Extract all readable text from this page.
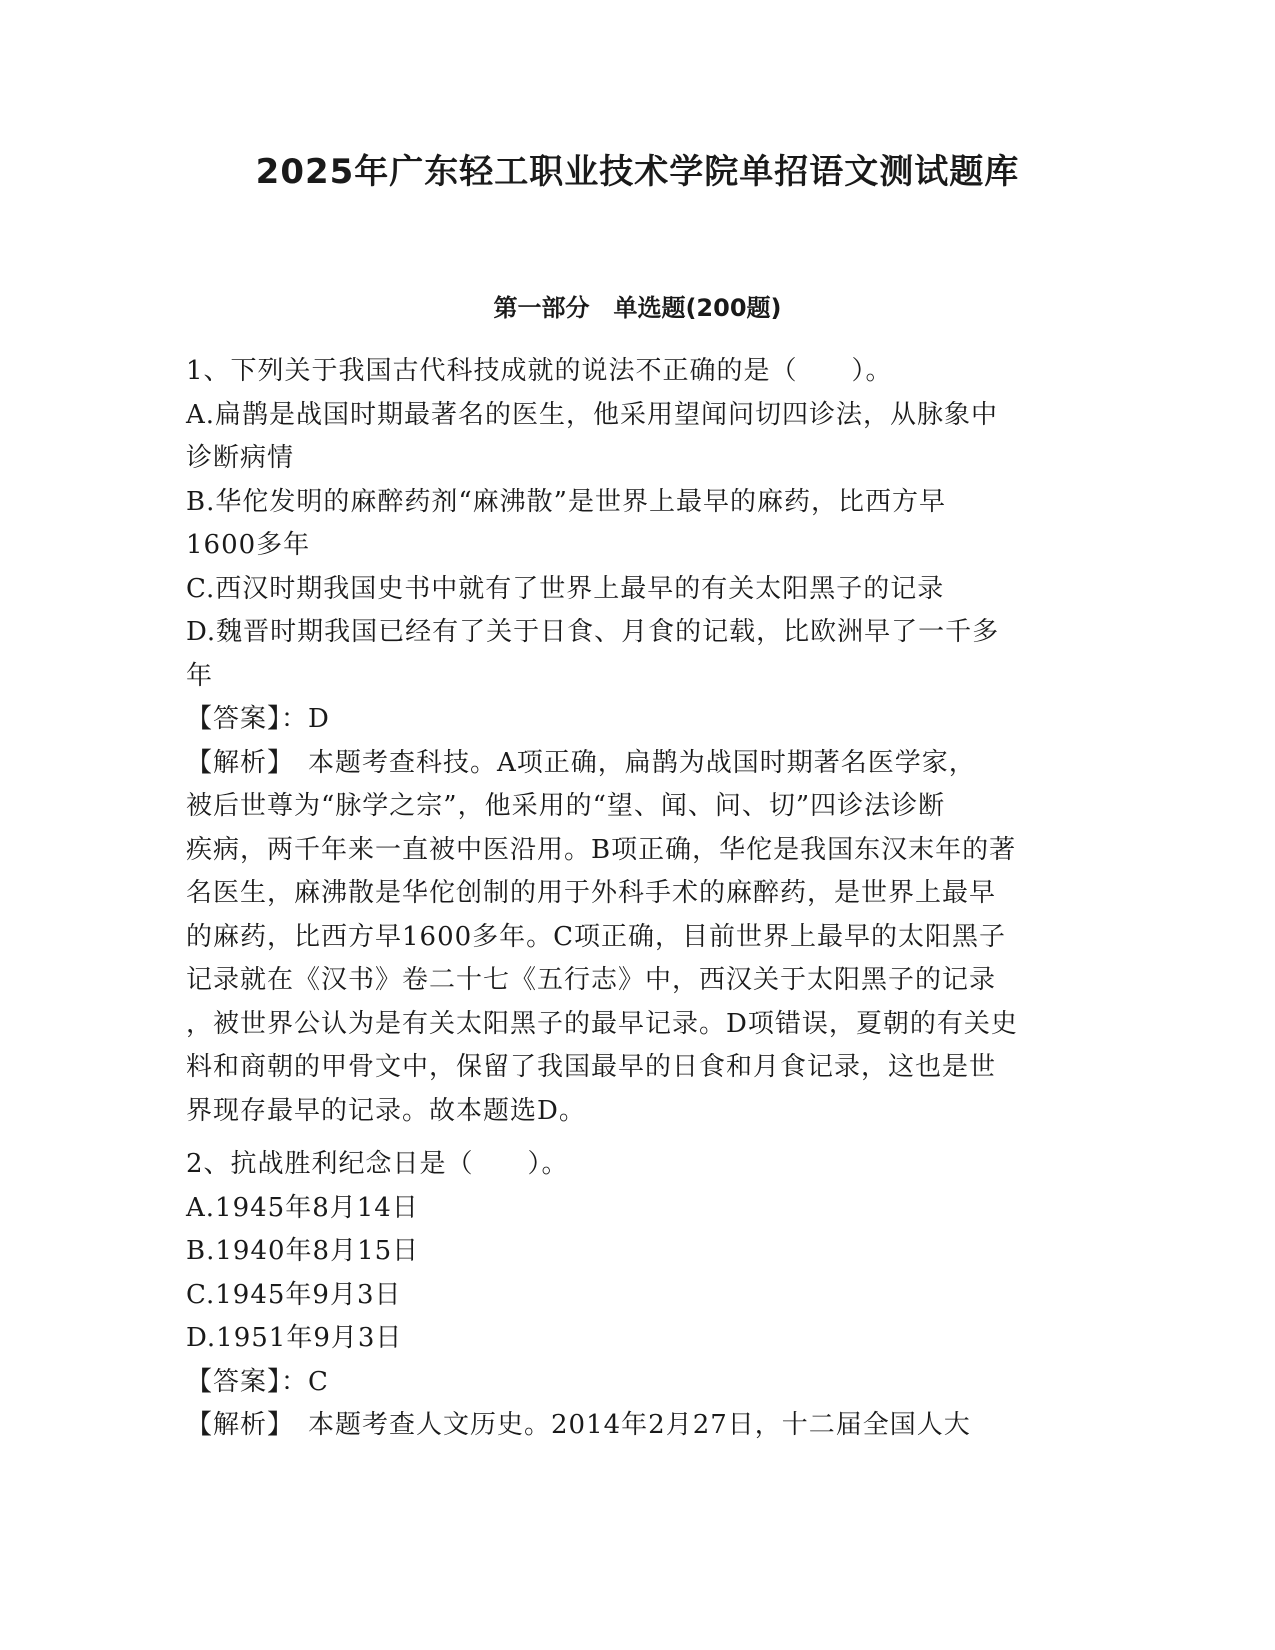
2025年广东轻工职业技术学院单招语文测试题库
第一部分　单选题(200题)
1、下列关于我国古代科技成就的说法不正确的是（　　）。
A.扁鹊是战国时期最著名的医生，他采用望闻问切四诊法，从脉象中
诊断病情
B.华佗发明的麻醉药剂“麻沸散”是世界上最早的麻药，比西方早
1600多年
C.西汉时期我国史书中就有了世界上最早的有关太阳黑子的记录
D.魏晋时期我国已经有了关于日食、月食的记载，比欧洲早了一千多
年
【答案】：D
【解析】　本题考查科技。A项正确，扁鹊为战国时期著名医学家，
被后世尊为“脉学之宗”，他采用的“望、闻、问、切”四诊法诊断
疾病，两千年来一直被中医沿用。B项正确，华佗是我国东汉末年的著
名医生，麻沸散是华佗创制的用于外科手术的麻醉药，是世界上最早
的麻药，比西方早1600多年。C项正确，目前世界上最早的太阳黑子
记录就在《汉书》卷二十七《五行志》中，西汉关于太阳黑子的记录
，被世界公认为是有关太阳黑子的最早记录。D项错误，夏朝的有关史
料和商朝的甲骨文中，保留了我国最早的日食和月食记录，这也是世
界现存最早的记录。故本题选D。
2、抗战胜利纪念日是（　　）。
A.1945年8月14日
B.1940年8月15日
C.1945年9月3日
D.1951年9月3日
【答案】：C
【解析】　本题考查人文历史。2014年2月27日，十二届全国人大
